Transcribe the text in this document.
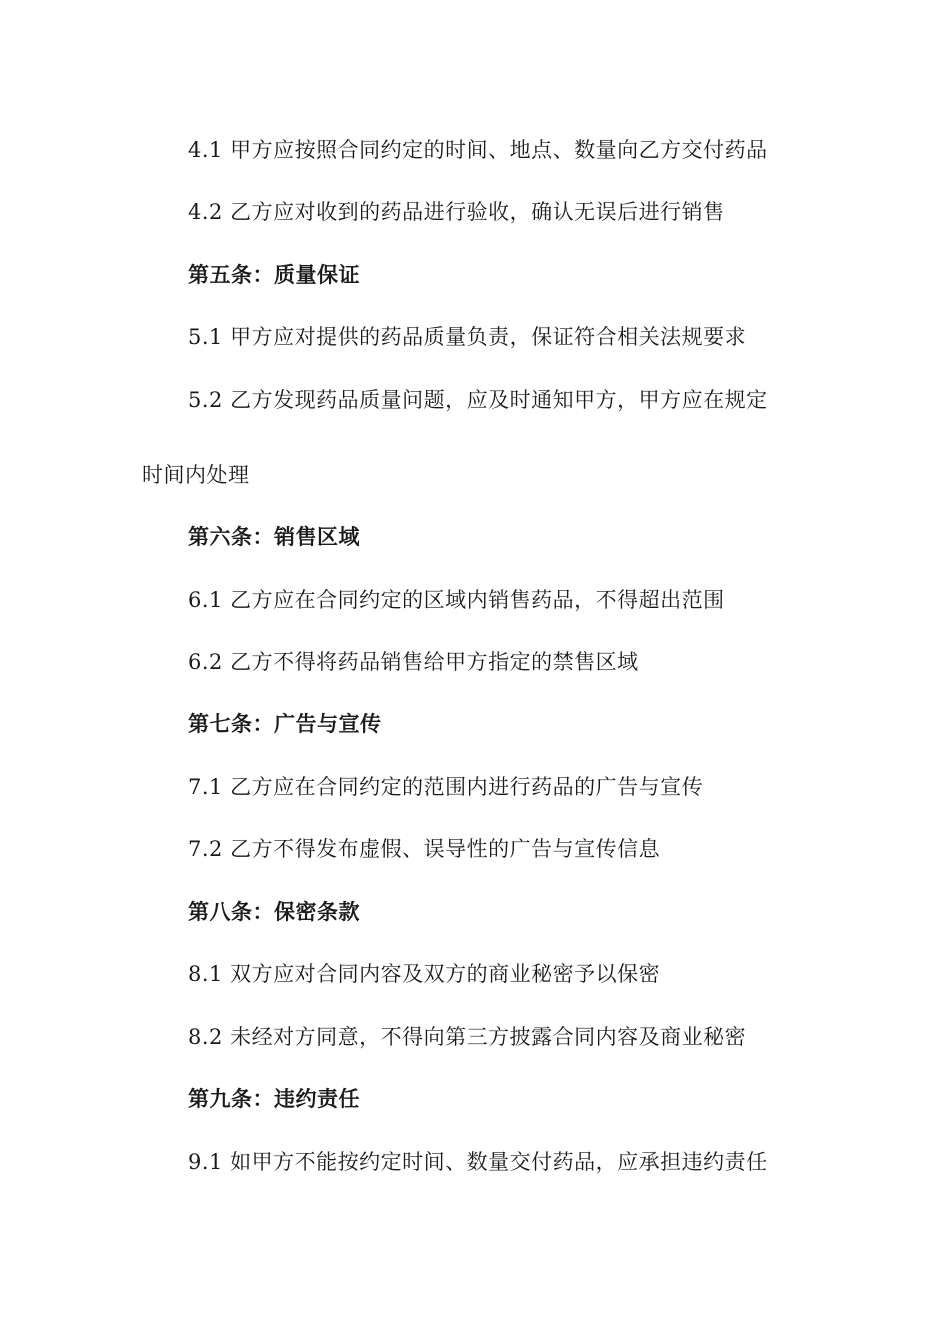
4.1 甲方应按照合同约定的时间、地点、数量向乙方交付药品
4.2 乙方应对收到的药品进行验收，确认无误后进行销售
第五条：质量保证
5.1 甲方应对提供的药品质量负责，保证符合相关法规要求
5.2 乙方发现药品质量问题，应及时通知甲方，甲方应在规定
时间内处理
第六条：销售区域
6.1 乙方应在合同约定的区域内销售药品，不得超出范围
6.2 乙方不得将药品销售给甲方指定的禁售区域
第七条：广告与宣传
7.1 乙方应在合同约定的范围内进行药品的广告与宣传
7.2 乙方不得发布虚假、误导性的广告与宣传信息
第八条：保密条款
8.1 双方应对合同内容及双方的商业秘密予以保密
8.2 未经对方同意，不得向第三方披露合同内容及商业秘密
第九条：违约责任
9.1 如甲方不能按约定时间、数量交付药品，应承担违约责任
